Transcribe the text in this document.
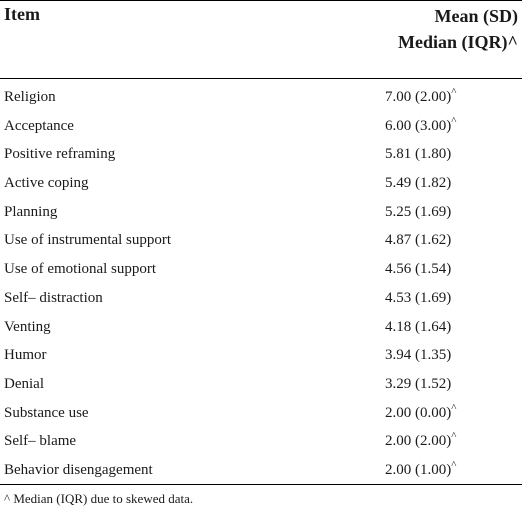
Item	Mean (SD)
Median (IQR)^
Religion	7.00 (2.00)^
Acceptance	6.00 (3.00)^
Positive reframing	5.81 (1.80)
Active coping	5.49 (1.82)
Planning	5.25 (1.69)
Use of instrumental support	4.87 (1.62)
Use of emotional support	4.56 (1.54)
Self– distraction	4.53 (1.69)
Venting	4.18 (1.64)
Humor	3.94 (1.35)
Denial	3.29 (1.52)
Substance use	2.00 (0.00)^
Self– blame	2.00 (2.00)^
Behavior disengagement	2.00 (1.00)^
^ Median (IQR) due to skewed data.
